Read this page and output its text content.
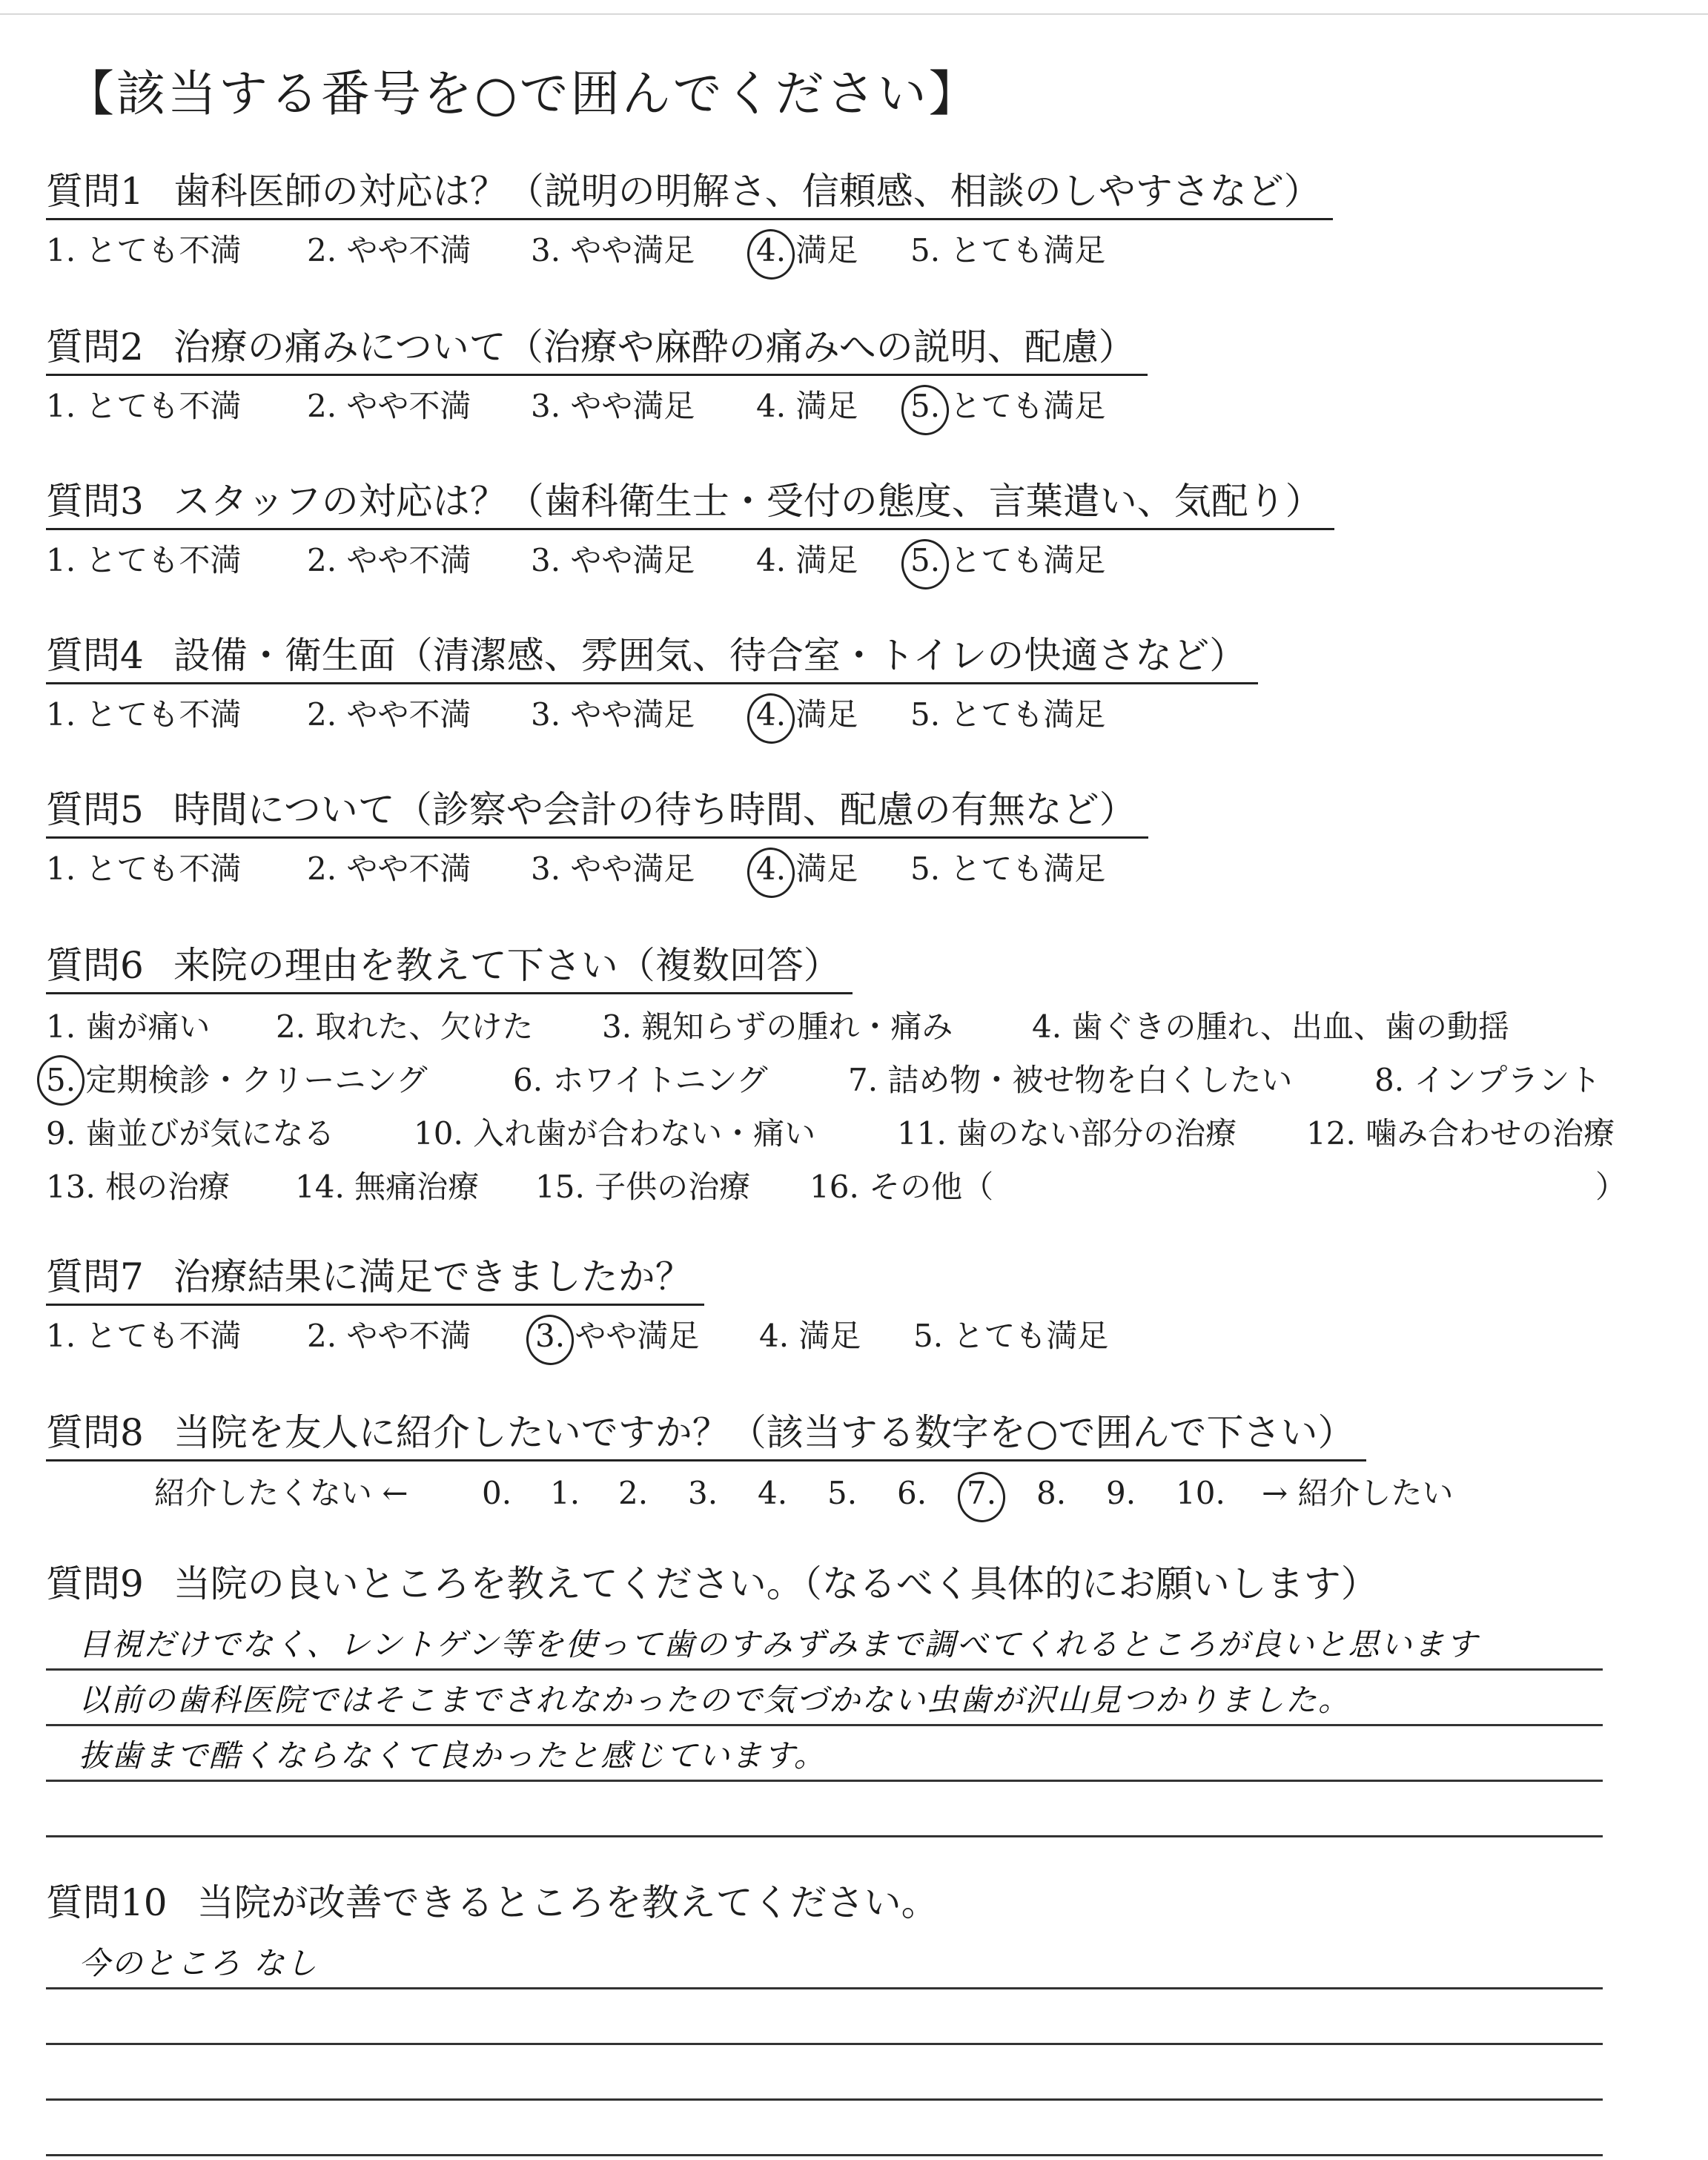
【該当する番号を○で囲んでください】
質問1 歯科医師の対応は？（説明の明解さ、信頼感、相談のしやすさなど）
1. とても不満 2. やや不満 3. やや満足 4. 満足 5. とても満足
質問2 治療の痛みについて（治療や麻酔の痛みへの説明、配慮）
1. とても不満 2. やや不満 3. やや満足 4. 満足 5. とても満足
質問3 スタッフの対応は？（歯科衛生士・受付の態度、言葉遣い、気配り）
1. とても不満 2. やや不満 3. やや満足 4. 満足 5. とても満足
質問4 設備・衛生面（清潔感、雰囲気、待合室・トイレの快適さなど）
1. とても不満 2. やや不満 3. やや満足 4. 満足 5. とても満足
質問5 時間について（診察や会計の待ち時間、配慮の有無など）
1. とても不満 2. やや不満 3. やや満足 4. 満足 5. とても満足
質問6 来院の理由を教えて下さい（複数回答）
1. 歯が痛い 2. 取れた、欠けた 3. 親知らずの腫れ・痛み	4. 歯ぐきの腫れ、出血、歯の動揺
5. 定期検診・クリーニング	6. ホワイトニング	7. 詰め物・被せ物を白くしたい	8. インプラント
9. 歯並びが気になる	10. 入れ歯が合わない・痛い	11. 歯のない部分の治療 12. 噛み合わせの治療
13. 根の治療 14. 無痛治療 15. 子供の治療 16. その他（	）
質問7 治療結果に満足できましたか？
1. とても不満 2. やや不満 3. やや満足 4. 満足 5. とても満足
質問8 当院を友人に紹介したいですか？（該当する数字を○で囲んで下さい）
紹介したくない ← 0. 1. 2. 3. 4. 5. 6. 7. 8. 9. 10. → 紹介したい
質問9 当院の良いところを教えてください。（なるべく具体的にお願いします）
目視だけでなく、レントゲン等を使って歯のすみずみまで調べてくれるところが良いと思います
以前の歯科医院ではそこまでされなかったので気づかない虫歯が沢山見つかりました。
抜歯まで酷くならなくて良かったと感じています。
質問10 当院が改善できるところを教えてください。
今のところ なし
